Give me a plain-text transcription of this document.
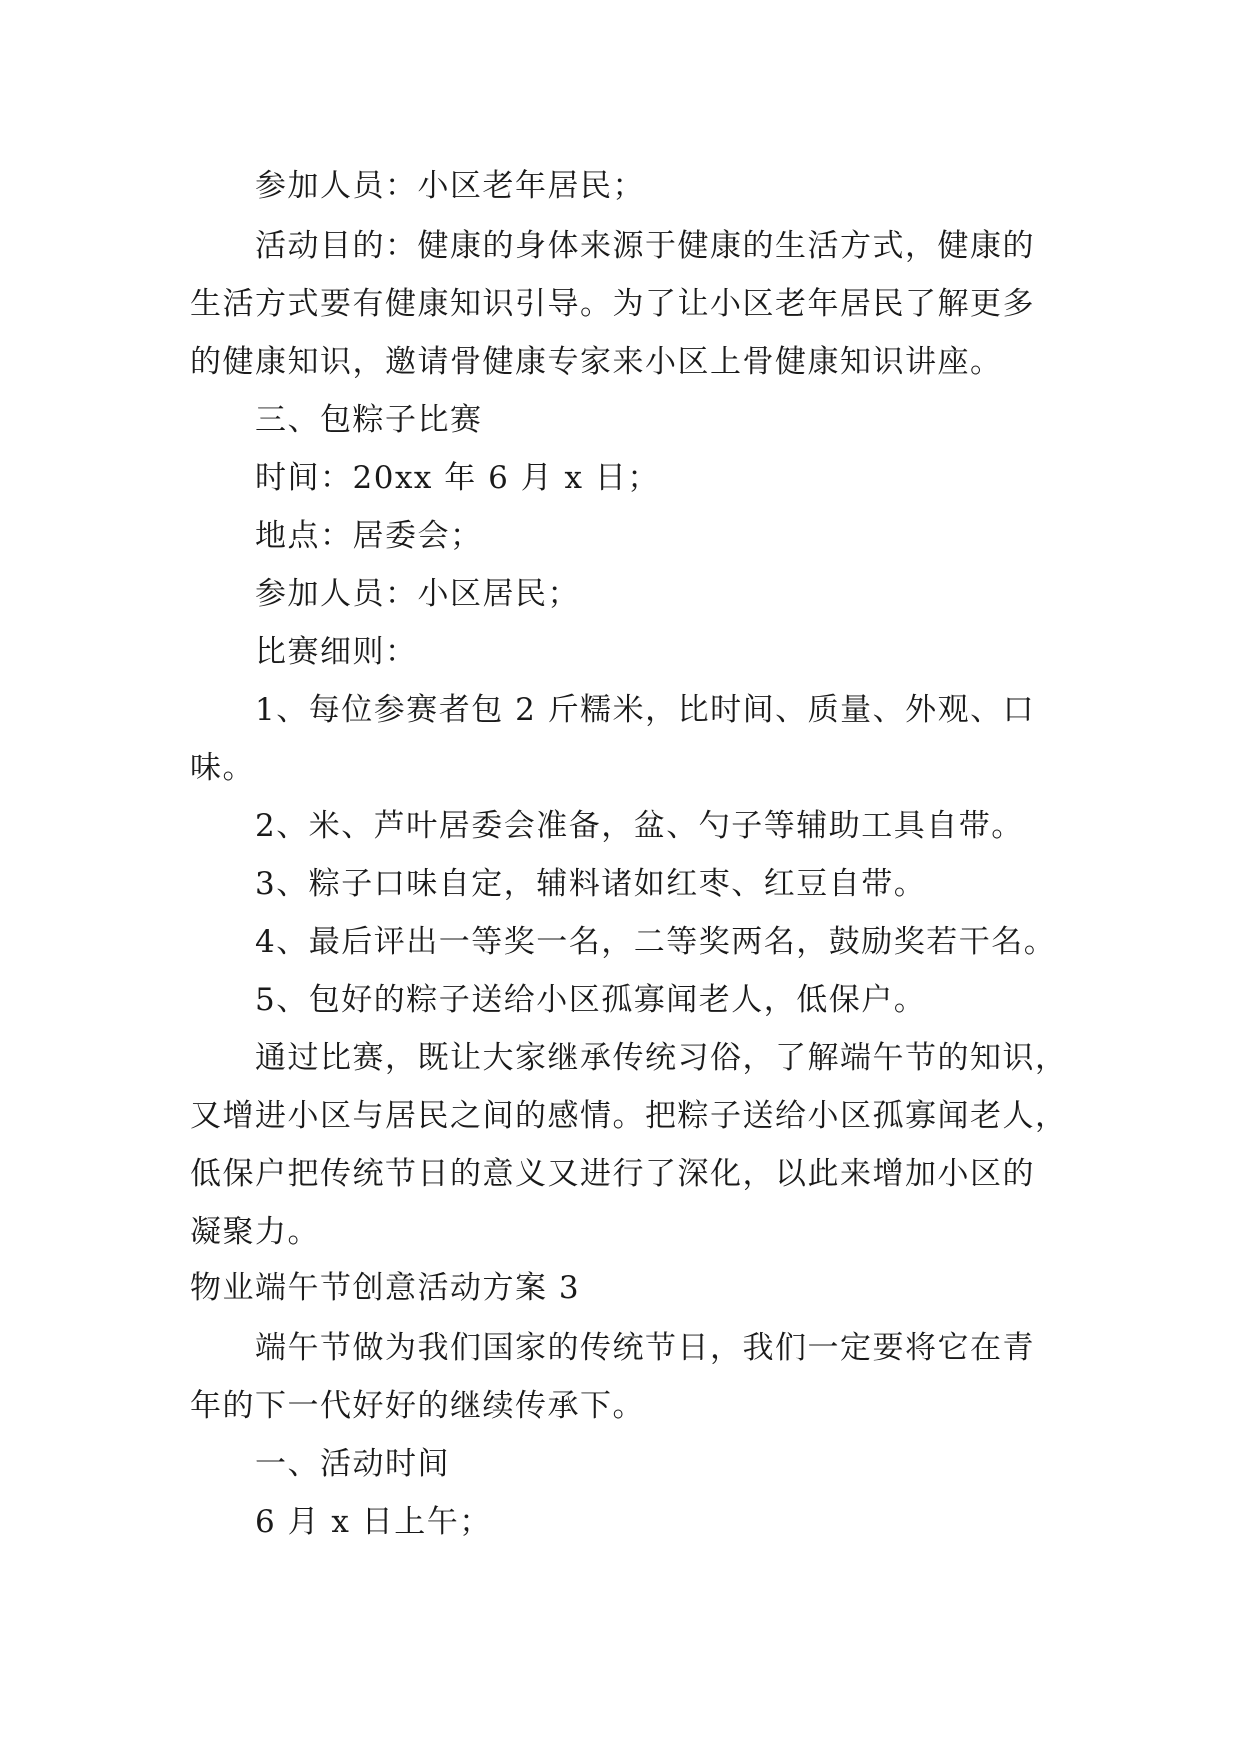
参加人员：小区老年居民；
活动目的：健康的身体来源于健康的生活方式，健康的
生活方式要有健康知识引导。为了让小区老年居民了解更多
的健康知识，邀请骨健康专家来小区上骨健康知识讲座。
三、包粽子比赛
时间：20xx 年 6 月 x 日；
地点：居委会；
参加人员：小区居民；
比赛细则：
1、每位参赛者包 2 斤糯米，比时间、质量、外观、口
味。
2、米、芦叶居委会准备，盆、勺子等辅助工具自带。
3、粽子口味自定，辅料诸如红枣、红豆自带。
4、最后评出一等奖一名，二等奖两名，鼓励奖若干名。
5、包好的粽子送给小区孤寡闻老人，低保户。
通过比赛，既让大家继承传统习俗，了解端午节的知识，
又增进小区与居民之间的感情。把粽子送给小区孤寡闻老人，
低保户把传统节日的意义又进行了深化，以此来增加小区的
凝聚力。
物业端午节创意活动方案 3
端午节做为我们国家的传统节日，我们一定要将它在青
年的下一代好好的继续传承下。
一、活动时间
6 月 x 日上午；
